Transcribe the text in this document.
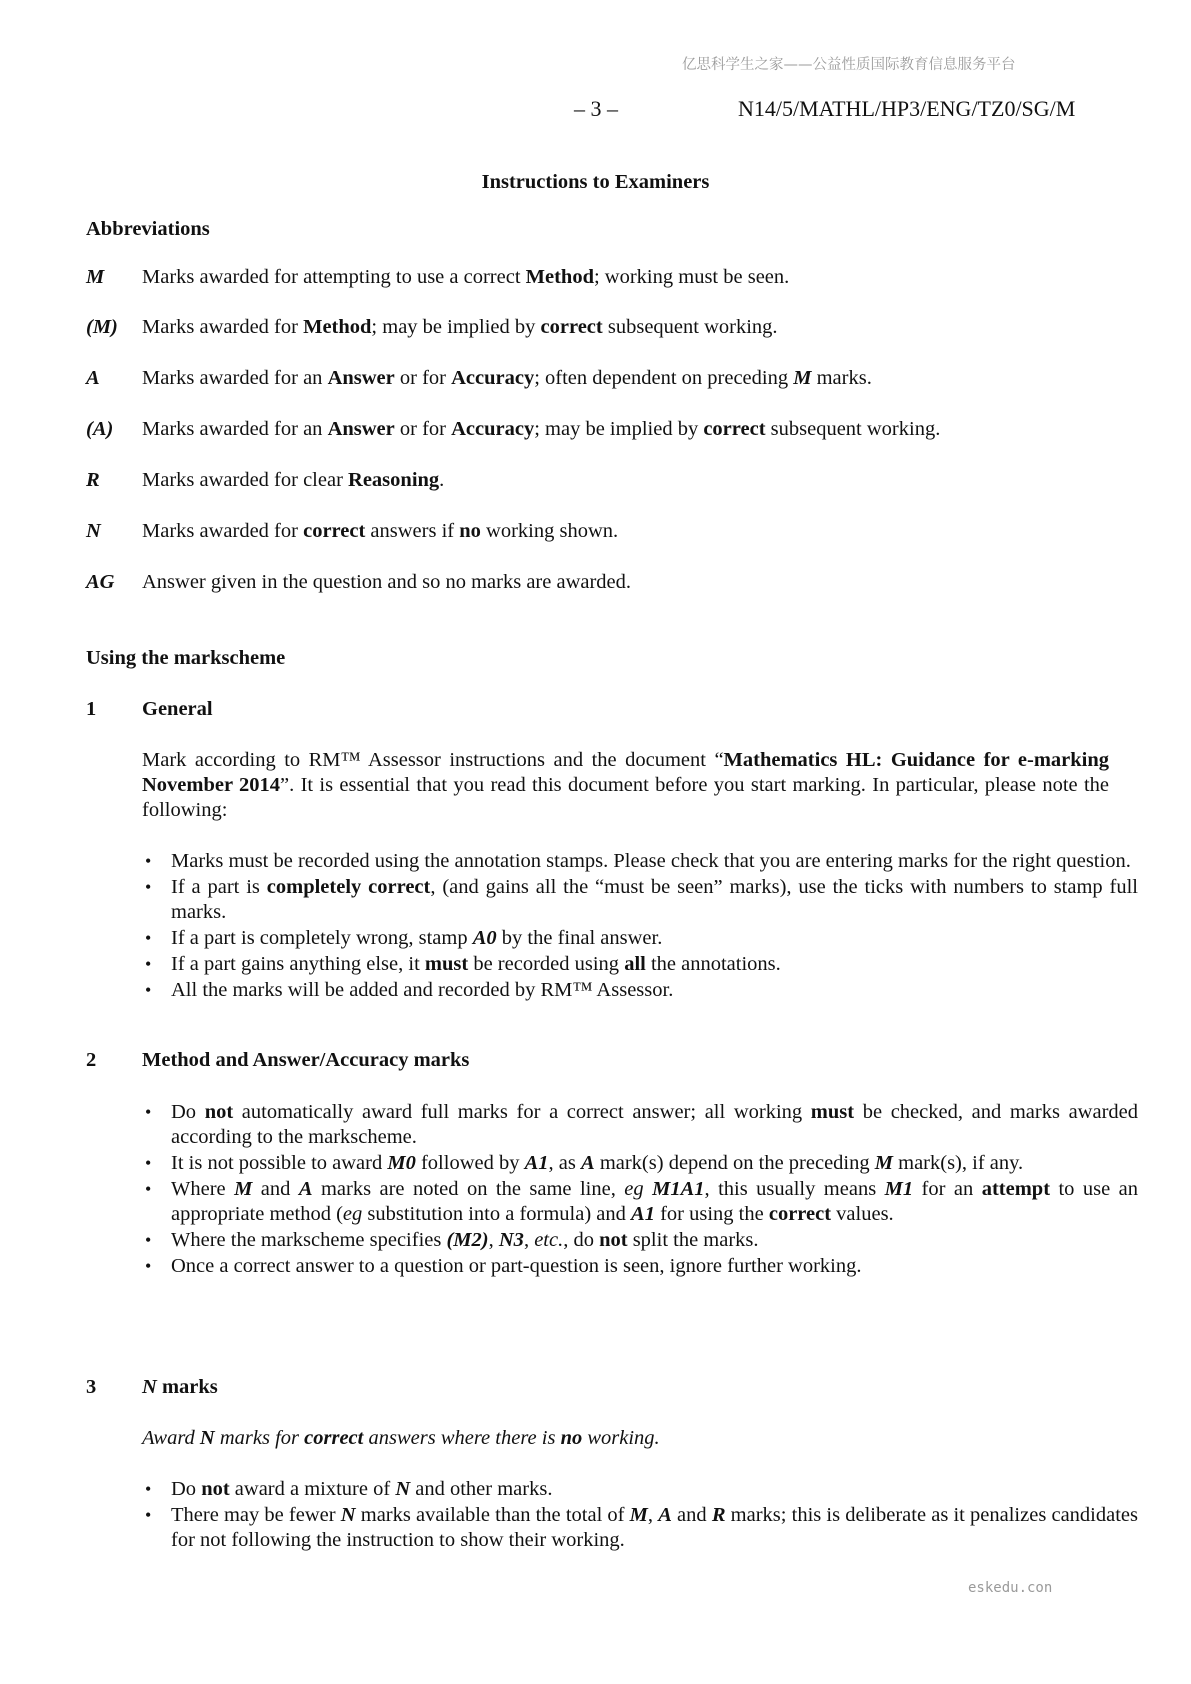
亿思科学生之家——公益性质国际教育信息服务平台
– 3 –	N14/5/MATHL/HP3/ENG/TZ0/SG/M
Instructions to Examiners
Abbreviations
M Marks awarded for attempting to use a correct Method; working must be seen.
(M) Marks awarded for Method; may be implied by correct subsequent working.
A Marks awarded for an Answer or for Accuracy; often dependent on preceding M marks.
(A) Marks awarded for an Answer or for Accuracy; may be implied by correct subsequent working.
R Marks awarded for clear Reasoning.
N Marks awarded for correct answers if no working shown.
AG Answer given in the question and so no marks are awarded.
Using the markscheme
1 General
Mark according to RM™ Assessor instructions and the document “Mathematics HL: Guidance for e-marking November 2014”. It is essential that you read this document before you start marking. In particular, please note the following:
• Marks must be recorded using the annotation stamps. Please check that you are entering marks for the right question.
• If a part is completely correct, (and gains all the “must be seen” marks), use the ticks with numbers to stamp full marks.
• If a part is completely wrong, stamp A0 by the final answer.
• If a part gains anything else, it must be recorded using all the annotations.
• All the marks will be added and recorded by RM™ Assessor.
2 Method and Answer/Accuracy marks
• Do not automatically award full marks for a correct answer; all working must be checked, and marks awarded according to the markscheme.
• It is not possible to award M0 followed by A1, as A mark(s) depend on the preceding M mark(s), if any.
• Where M and A marks are noted on the same line, eg M1A1, this usually means M1 for an attempt to use an appropriate method (eg substitution into a formula) and A1 for using the correct values.
• Where the markscheme specifies (M2), N3, etc., do not split the marks.
• Once a correct answer to a question or part-question is seen, ignore further working.
3 N marks
Award N marks for correct answers where there is no working.
• Do not award a mixture of N and other marks.
• There may be fewer N marks available than the total of M, A and R marks; this is deliberate as it penalizes candidates for not following the instruction to show their working.
eskedu.con
